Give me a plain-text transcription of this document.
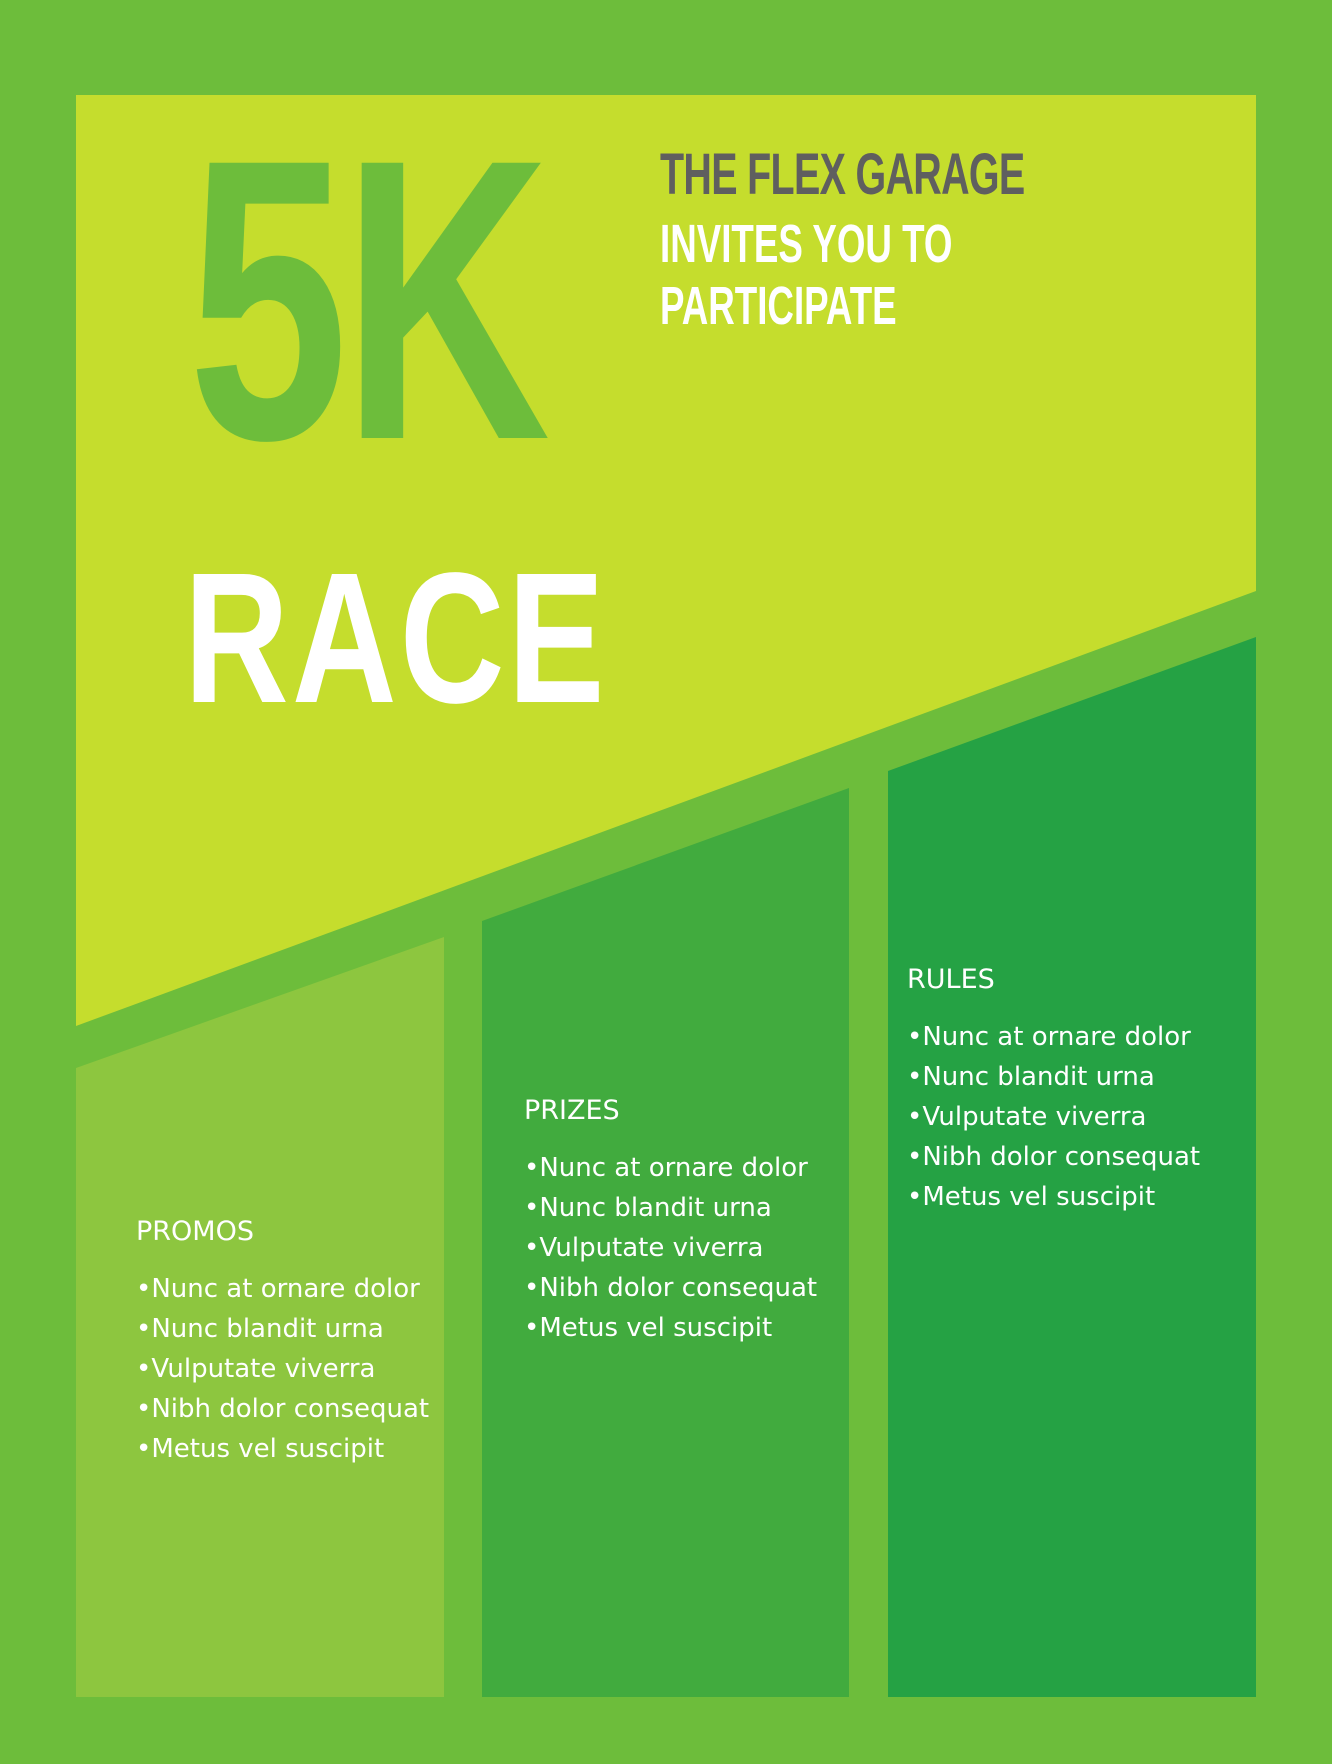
5K
RACE
THE FLEX GARAGE
INVITES YOU TO
PARTICIPATE
PROMOS
•Nunc at ornare dolor
•Nunc blandit urna
•Vulputate viverra
•Nibh dolor consequat
•Metus vel suscipit
PRIZES
•Nunc at ornare dolor
•Nunc blandit urna
•Vulputate viverra
•Nibh dolor consequat
•Metus vel suscipit
RULES
•Nunc at ornare dolor
•Nunc blandit urna
•Vulputate viverra
•Nibh dolor consequat
•Metus vel suscipit
